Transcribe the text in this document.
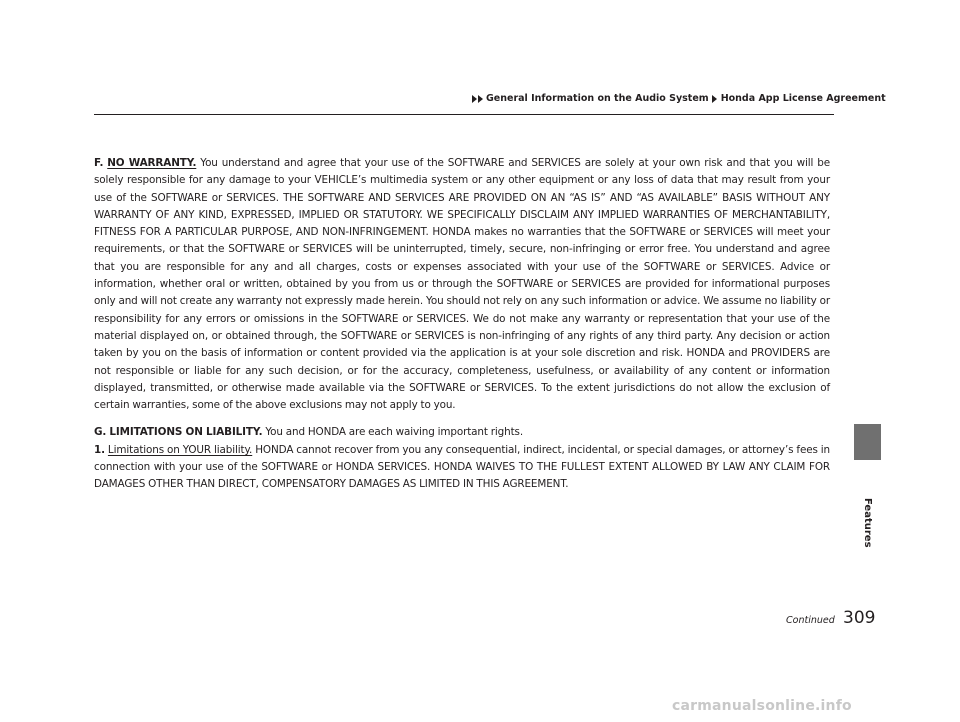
General Information on the Audio System Honda App License Agreement
Features

F. NO WARRANTY. You understand and agree that your use of the SOFTWARE and SERVICES are solely at your own risk and that you will be solely responsible for any damage to your VEHICLE’s multimedia system or any other equipment or any loss of data that may result from your use of the SOFTWARE or SERVICES. THE SOFTWARE AND SERVICES ARE PROVIDED ON AN “AS IS” AND “AS AVAILABLE” BASIS WITHOUT ANY WARRANTY OF ANY KIND, EXPRESSED, IMPLIED OR STATUTORY. WE SPECIFICALLY DISCLAIM ANY IMPLIED WARRANTIES OF MERCHANTABILITY, FITNESS FOR A PARTICULAR PURPOSE, AND NON-INFRINGEMENT. HONDA makes no warranties that the SOFTWARE or SERVICES will meet your requirements, or that the SOFTWARE or SERVICES will be uninterrupted, timely, secure, non-infringing or error free. You understand and agree that you are responsible for any and all charges, costs or expenses associated with your use of the SOFTWARE or SERVICES. Advice or information, whether oral or written, obtained by you from us or through the SOFTWARE or SERVICES are provided for informational purposes only and will not create any warranty not expressly made herein. You should not rely on any such information or advice. We assume no liability or responsibility for any errors or omissions in the SOFTWARE or SERVICES. We do not make any warranty or representation that your use of the material displayed on, or obtained through, the SOFTWARE or SERVICES is non-infringing of any rights of any third party. Any decision or action taken by you on the basis of information or content provided via the application is at your sole discretion and risk. HONDA and PROVIDERS are not responsible or liable for any such decision, or for the accuracy, completeness, usefulness, or availability of any content or information displayed, transmitted, or otherwise made available via the SOFTWARE or SERVICES. To the extent jurisdictions do not allow the exclusion of certain warranties, some of the above exclusions may not apply to you.

G. LIMITATIONS ON LIABILITY. You and HONDA are each waiving important rights.

1. Limitations on YOUR liability. HONDA cannot recover from you any consequential, indirect, incidental, or special damages, or attorney’s fees in connection with your use of the SOFTWARE or HONDA SERVICES. HONDA WAIVES TO THE FULLEST EXTENT ALLOWED BY LAW ANY CLAIM FOR DAMAGES OTHER THAN DIRECT, COMPENSATORY DAMAGES AS LIMITED IN THIS AGREEMENT.

Continued 309
carmanualsonline.info
